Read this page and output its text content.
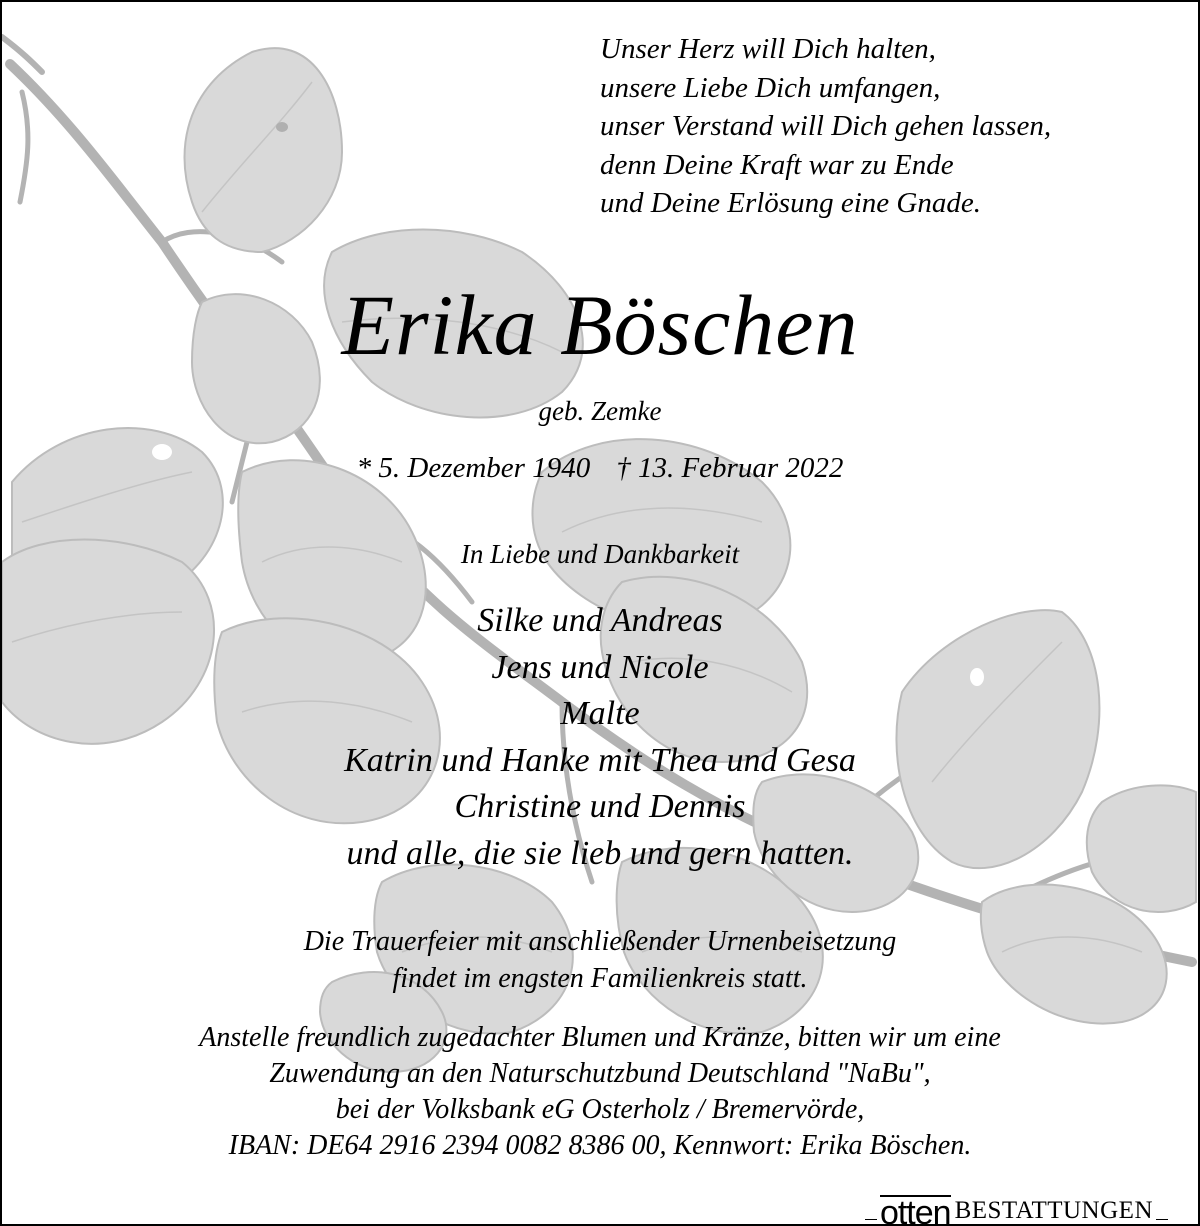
Unser Herz will Dich halten,
unsere Liebe Dich umfangen,
unser Verstand will Dich gehen lassen,
denn Deine Kraft war zu Ende
und Deine Erlösung eine Gnade.
Erika Böschen
geb. Zemke
* 5. Dezember 1940 † 13. Februar 2022
In Liebe und Dankbarkeit
Silke und Andreas
Jens und Nicole
Malte
Katrin und Hanke mit Thea und Gesa
Christine und Dennis
und alle, die sie lieb und gern hatten.
Die Trauerfeier mit anschließender Urnenbeisetzung
findet im engsten Familienkreis statt.
Anstelle freundlich zugedachter Blumen und Kränze, bitten wir um eine
Zuwendung an den Naturschutzbund Deutschland "NaBu",
bei der Volksbank eG Osterholz / Bremervörde,
IBAN: DE64 2916 2394 0082 8386 00, Kennwort: Erika Böschen.
otten BESTATTUNGEN
